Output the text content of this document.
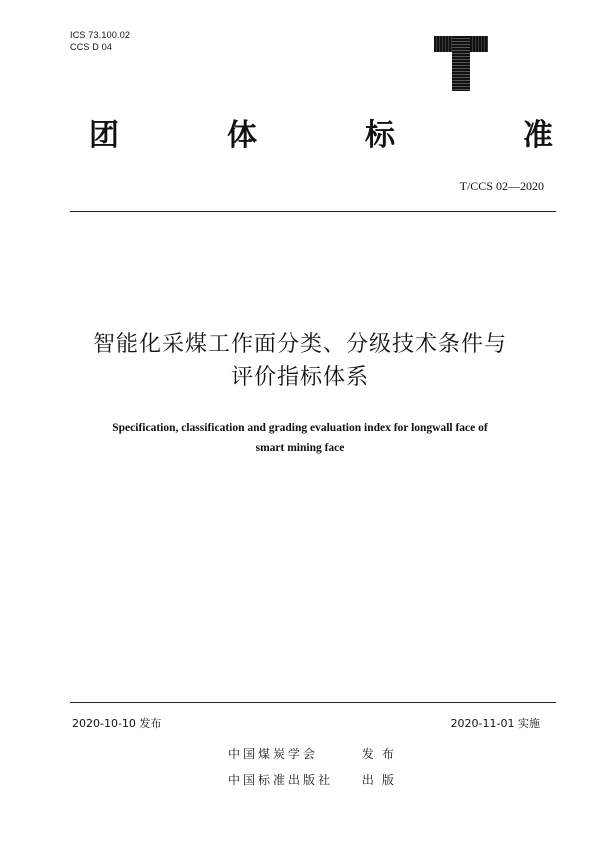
ICS 73.100.02
CCS D 04
团	体	标	准
T/CCS 02—2020
智能化采煤工作面分类、分级技术条件与
评价指标体系
Specification, classification and grading evaluation index for longwall face of
smart mining face
2020-10-10 发布	2020-11-01 实施
中国煤炭学会	发布
中国标准出版社 出版
